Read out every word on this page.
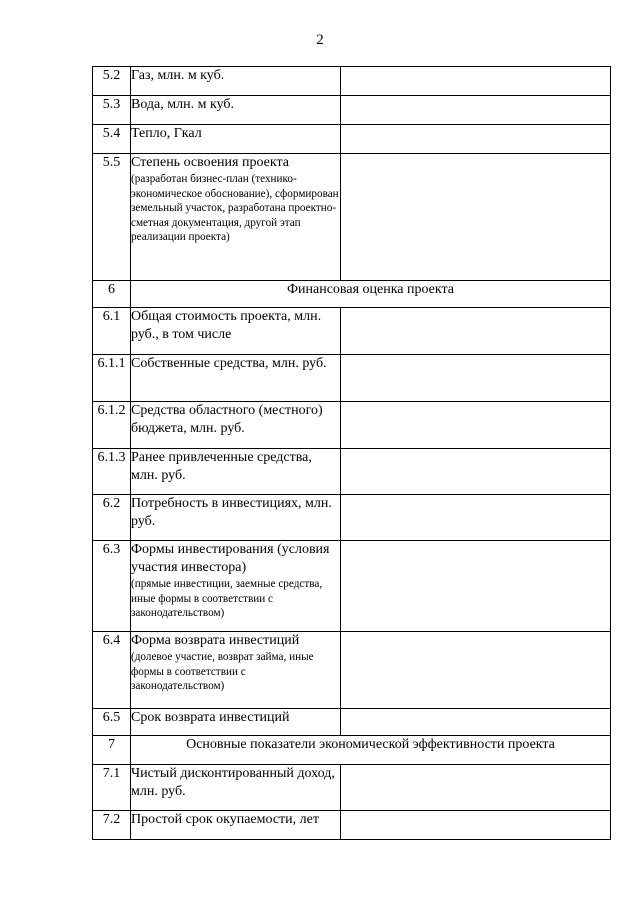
2
5.2	Газ, млн. м куб.	

5.3	Вода, млн. м куб.	

5.4	Тепло, Гкал	

5.5	Степень освоения проекта
(разработан бизнес-план (технико-экономическое обоснование), сформирован земельный участок, разработана проектно-сметная документация, другой этап реализации проекта)	

6	Финансовая оценка проекта	
6.1	Общая стоимость проекта, млн. руб., в том числе	

6.1.1	Собственные средства, млн. руб.	

6.1.2	Средства областного (местного) бюджета, млн. руб.	

6.1.3	Ранее привлеченные средства, млн. руб.	

6.2	Потребность в инвестициях, млн. руб.	

6.3	Формы инвестирования (условия участия инвестора)
(прямые инвестиции, заемные средства, иные формы в соответствии с законодательством)	

6.4	Форма возврата инвестиций
(долевое участие, возврат займа, иные формы в соответствии с законодательством)	

6.5	Срок возврата инвестиций	

7	Основные показатели экономической эффективности проекта	
7.1	Чистый дисконтированный доход, млн. руб.	

7.2	Простой срок окупаемости, лет	
